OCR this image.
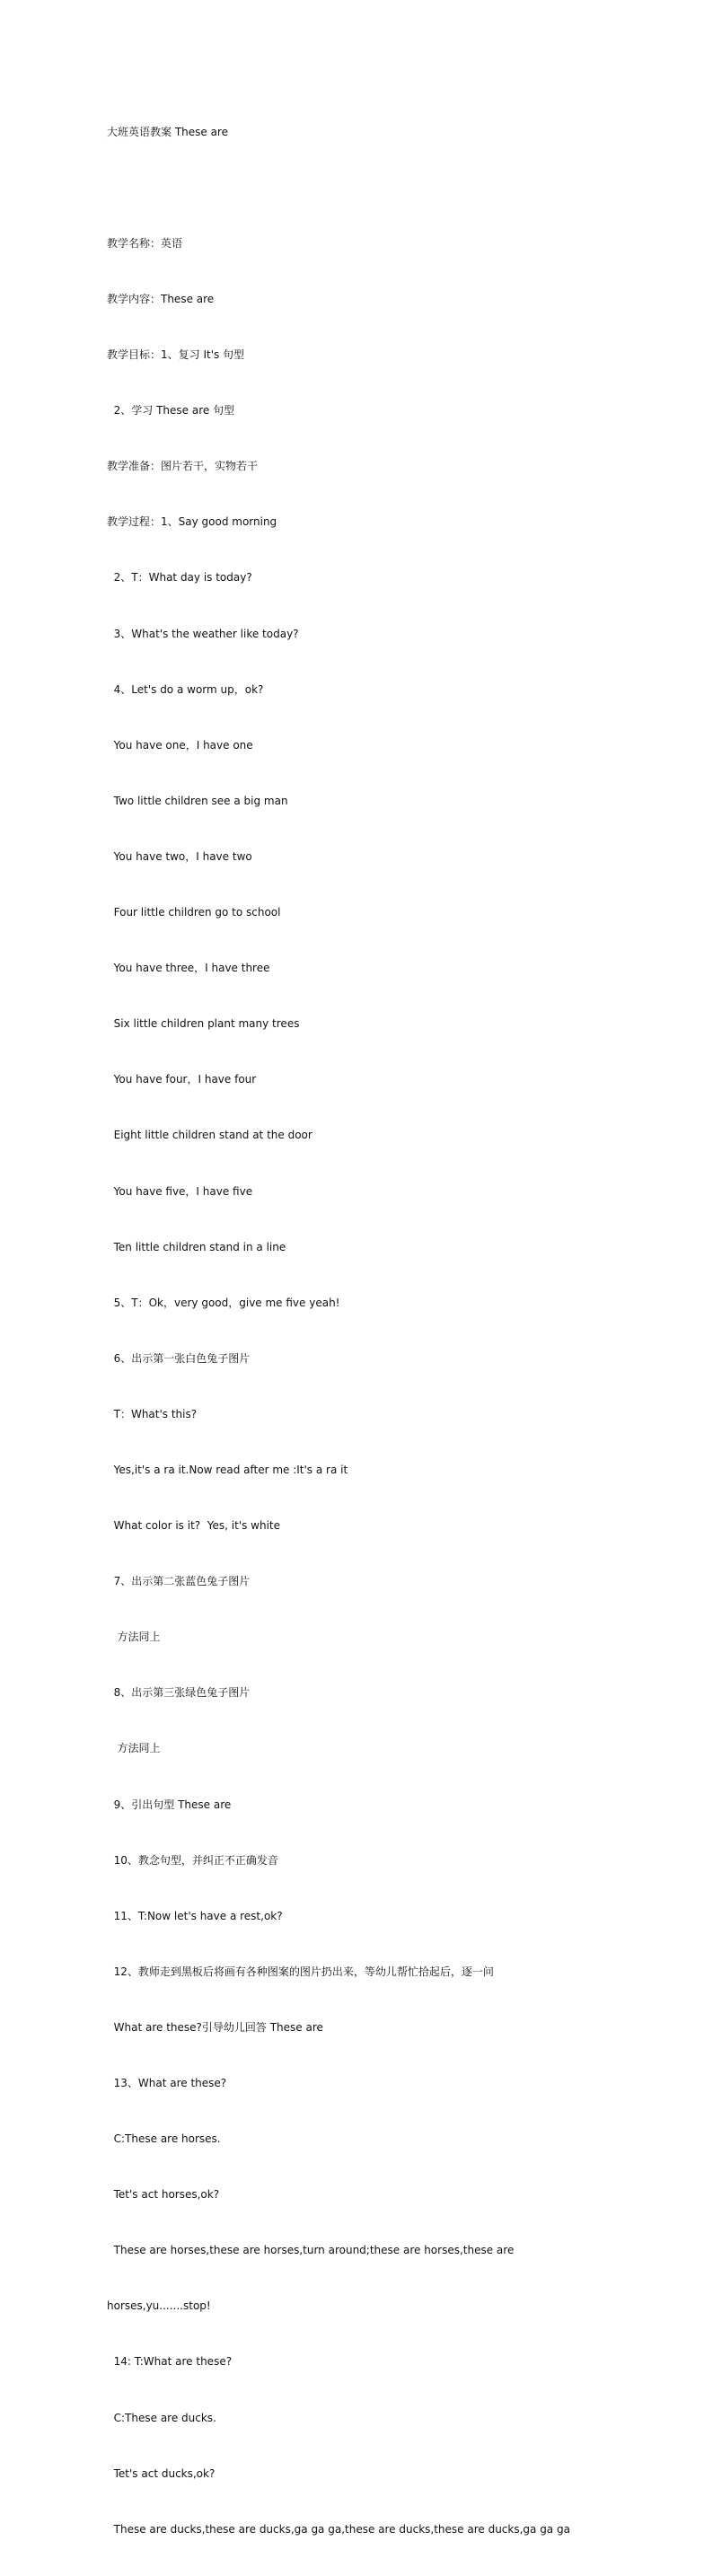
大班英语教案 These are

教学名称：英语

教学内容：These are

教学目标：1、复习 It's 句型

2、学习 These are 句型

教学准备：图片若干，实物若干

教学过程：1、Say good morning

2、T：What day is today?

3、What's the weather like today?

4、Let's do a worm up，ok?

You have one，I have one

Two little children see a big man

You have two，I have two

Four little children go to school

You have three，I have three

Six little children plant many trees

You have four，I have four

Eight little children stand at the door

You have five，I have five

Ten little children stand in a line

5、T：Ok，very good，give me five yeah!

6、出示第一张白色兔子图片

T：What's this?

Yes,it's a ra it.Now read after me :It's a ra it

What color is it?  Yes, it's white

7、出示第二张蓝色兔子图片

方法同上

8、出示第三张绿色兔子图片

方法同上

9、引出句型 These are

10、教念句型，并纠正不正确发音

11、T:Now let's have a rest,ok?

12、教师走到黑板后将画有各种图案的图片扔出来，等幼儿帮忙拾起后，逐一问

What are these?引导幼儿回答 These are

13、What are these?

C:These are horses.

Tet's act horses,ok?

These are horses,these are horses,turn around;these are horses,these are

horses,yu.......stop!

14: T:What are these?

C:These are ducks.

Tet's act ducks,ok?

These are ducks,these are ducks,ga ga ga,these are ducks,these are ducks,ga ga ga
